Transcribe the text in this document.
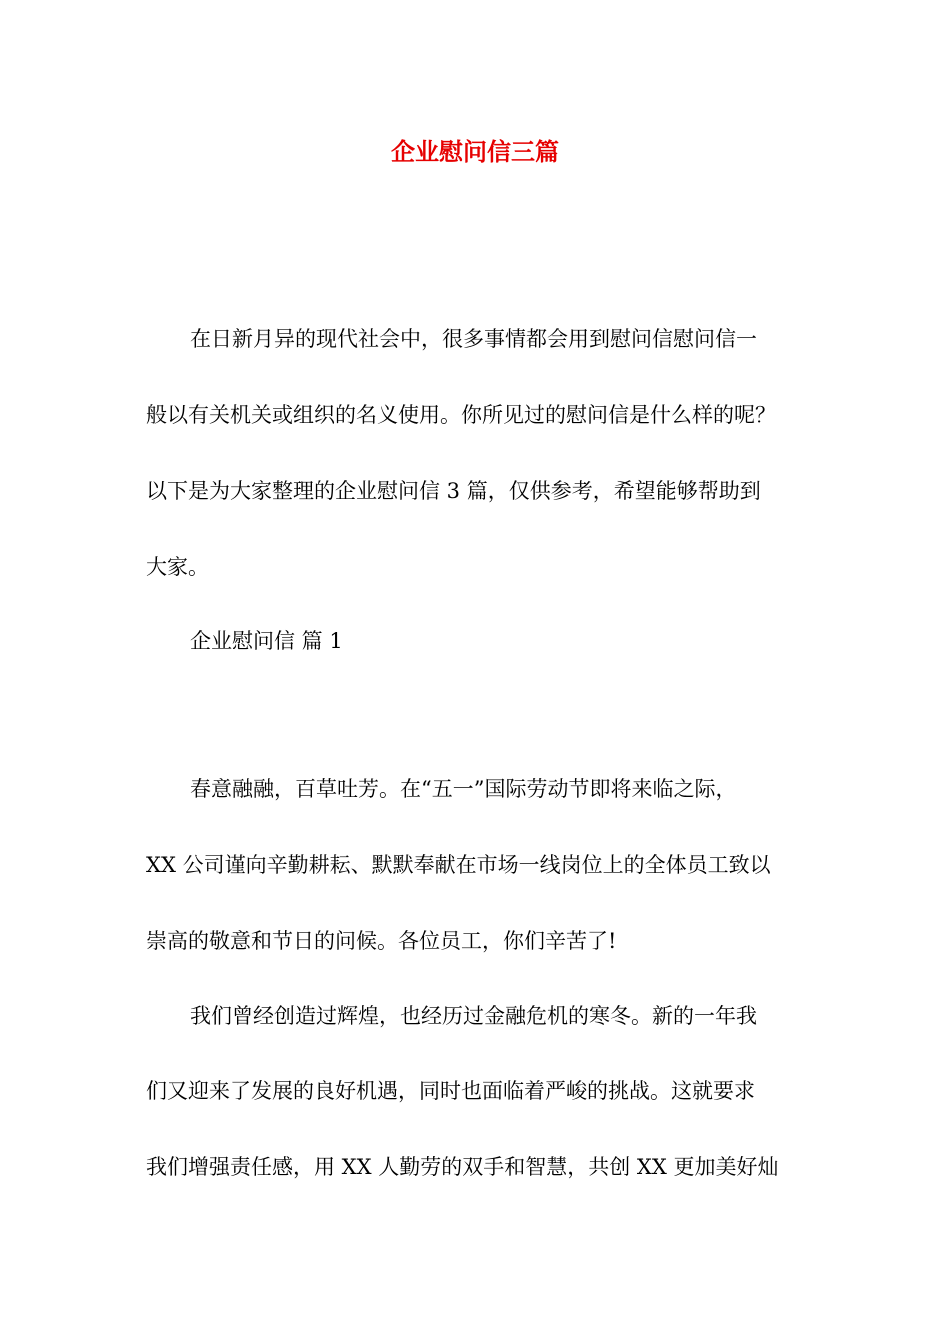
企业慰问信三篇
在日新月异的现代社会中，很多事情都会用到慰问信慰问信一
般以有关机关或组织的名义使用。你所见过的慰问信是什么样的呢？
以下是为大家整理的企业慰问信 3 篇，仅供参考，希望能够帮助到
大家。
企业慰问信 篇 1
春意融融，百草吐芳。在“五一”国际劳动节即将来临之际，
XX 公司谨向辛勤耕耘、默默奉献在市场一线岗位上的全体员工致以
崇高的敬意和节日的问候。各位员工，你们辛苦了!
我们曾经创造过辉煌，也经历过金融危机的寒冬。新的一年我
们又迎来了发展的良好机遇，同时也面临着严峻的挑战。这就要求
我们增强责任感，用 XX 人勤劳的双手和智慧，共创 XX 更加美好灿
